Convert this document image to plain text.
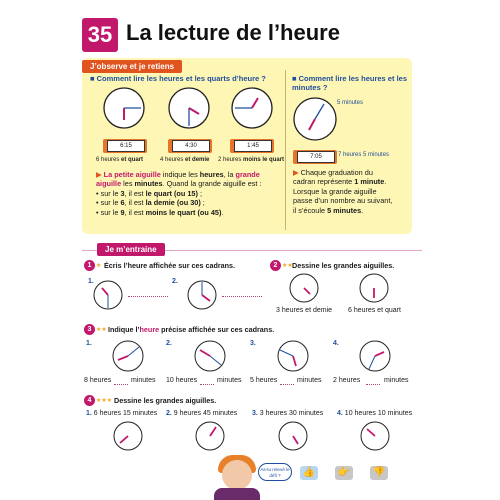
35 La lecture de l’heure
J’observe et je retiens
■ Comment lire les heures et les quarts d’heure ?
6:15	4:30	1:45
6 heures et quart	4 heures et demie 2 heures moins le quart
▶ La petite aiguille indique les heures, la grande
aiguille les minutes. Quand la grande aiguille est :
• sur le 3, il est le quart (ou 15) ;
• sur le 6, il est la demie (ou 30) ;
• sur le 9, il est moins le quart (ou 45).
■ Comment lire les heures et les minutes ?
5 minutes
7:05	7 heures 5 minutes
▶ Chaque graduation du
cadran représente 1 minute.
Lorsque la grande aiguille
passe d’un nombre au suivant,
il s’écoule 5 minutes.
Je m’entraine
1 ★ Écris l’heure affichée sur ces cadrans.
1.	2.
2 ★★ Dessine les grandes aiguilles.
3 heures et demie 6 heures et quart
3 ★★ Indique l’heure précise affichée sur ces cadrans.
1.	2.	3.	4.
8 heures	minutes 10 heures	minutes 5 heures	minutes 2 heures	minutes
4 ★★★ Dessine les grandes aiguilles.
1. 6 heures 15 minutes 2. 9 heures 45 minutes 3. 3 heures 30 minutes 4. 10 heures 10 minutes
As-tu relevé le défi ?	👍 👉 👎
